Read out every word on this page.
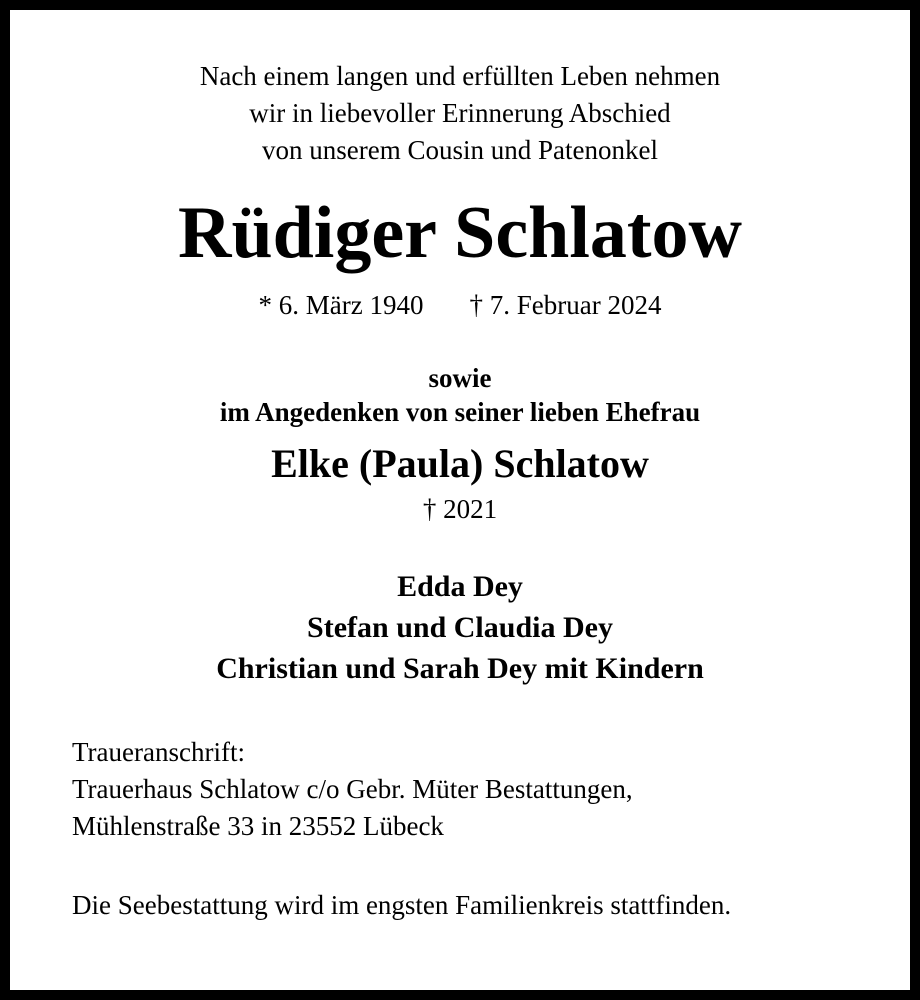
Nach einem langen und erfüllten Leben nehmen
wir in liebevoller Erinnerung Abschied
von unserem Cousin und Patenonkel
Rüdiger Schlatow
* 6. März 1940 † 7. Februar 2024
sowie
im Angedenken von seiner lieben Ehefrau
Elke (Paula) Schlatow
† 2021
Edda Dey
Stefan und Claudia Dey
Christian und Sarah Dey mit Kindern
Traueranschrift:
Trauerhaus Schlatow c/o Gebr. Müter Bestattungen,
Mühlenstraße 33 in 23552 Lübeck
Die Seebestattung wird im engsten Familienkreis stattfinden.
